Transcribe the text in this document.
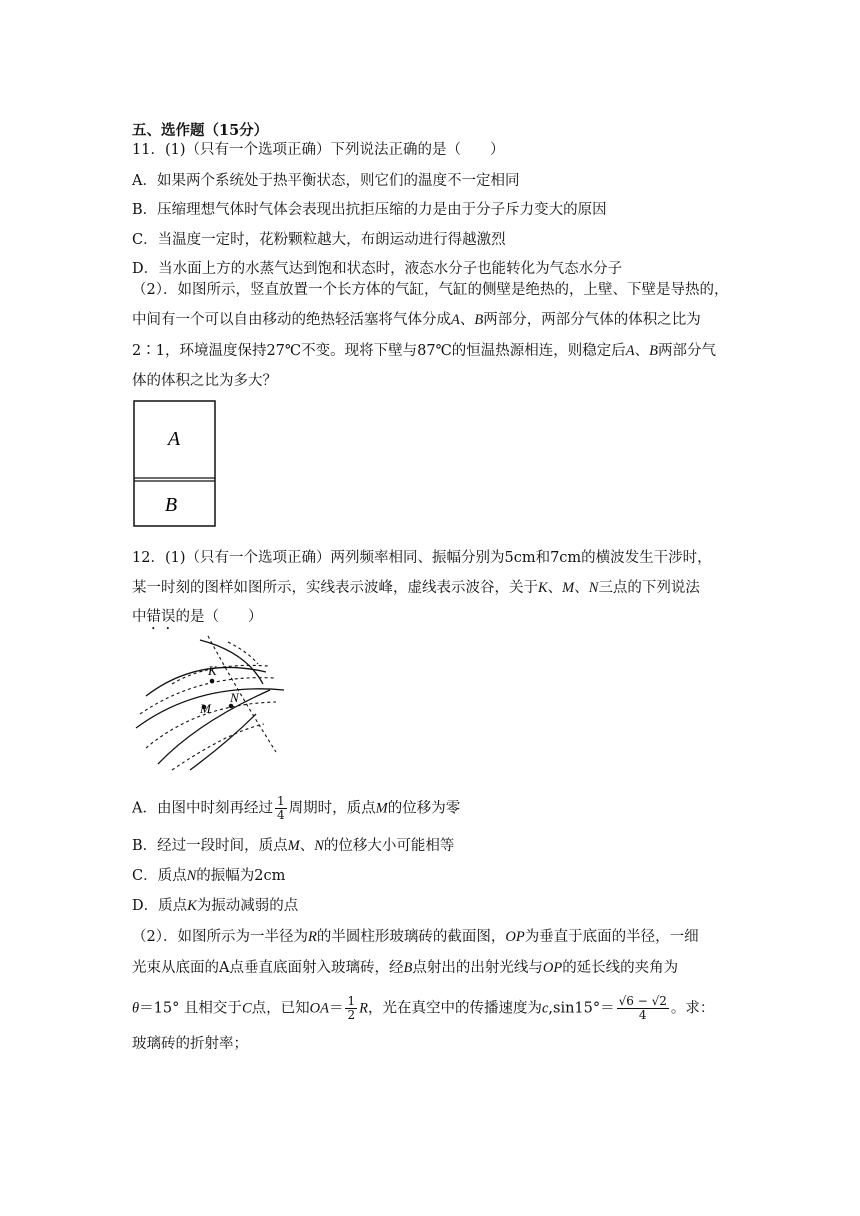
五、选作题（15分）
11．(1)（只有一个选项正确）下列说法正确的是（　　）
A．如果两个系统处于热平衡状态，则它们的温度不一定相同
B．压缩理想气体时气体会表现出抗拒压缩的力是由于分子斥力变大的原因
C．当温度一定时，花粉颗粒越大，布朗运动进行得越激烈
D．当水面上方的水蒸气达到饱和状态时，液态水分子也能转化为气态水分子
（2）．如图所示，竖直放置一个长方体的气缸，气缸的侧壁是绝热的，上壁、下壁是导热的，
中间有一个可以自由移动的绝热轻活塞将气体分成A、B两部分，两部分气体的体积之比为
2∶1，环境温度保持27℃不变。现将下壁与87℃的恒温热源相连，则稳定后A、B两部分气
体的体积之比为多大？
A
B
12．(1)（只有一个选项正确）两列频率相同、振幅分别为5cm和7cm的横波发生干涉时，
某一时刻的图样如图所示，实线表示波峰，虚线表示波谷，关于K、M、N三点的下列说法
中错误的是（　　）
K
M
N
A．由图中时刻再经过 $\frac{1}{4}$ 周期时，质点M的位移为零
B．经过一段时间，质点M、N的位移大小可能相等
C．质点N的振幅为2cm
D．质点K为振动减弱的点
（2）．如图所示为一半径为R的半圆柱形玻璃砖的截面图，OP为垂直于底面的半径，一细
光束从底面的A点垂直底面射入玻璃砖，经B点射出的出射光线与OP的延长线的夹角为
θ＝15° 且相交于C点，已知$OA= \frac{1}{2}$ R，光在真空中的传播速度为$c,\sin 15^\circ= \frac{√6 - √2}{4}$ 。求：
玻璃砖的折射率；
